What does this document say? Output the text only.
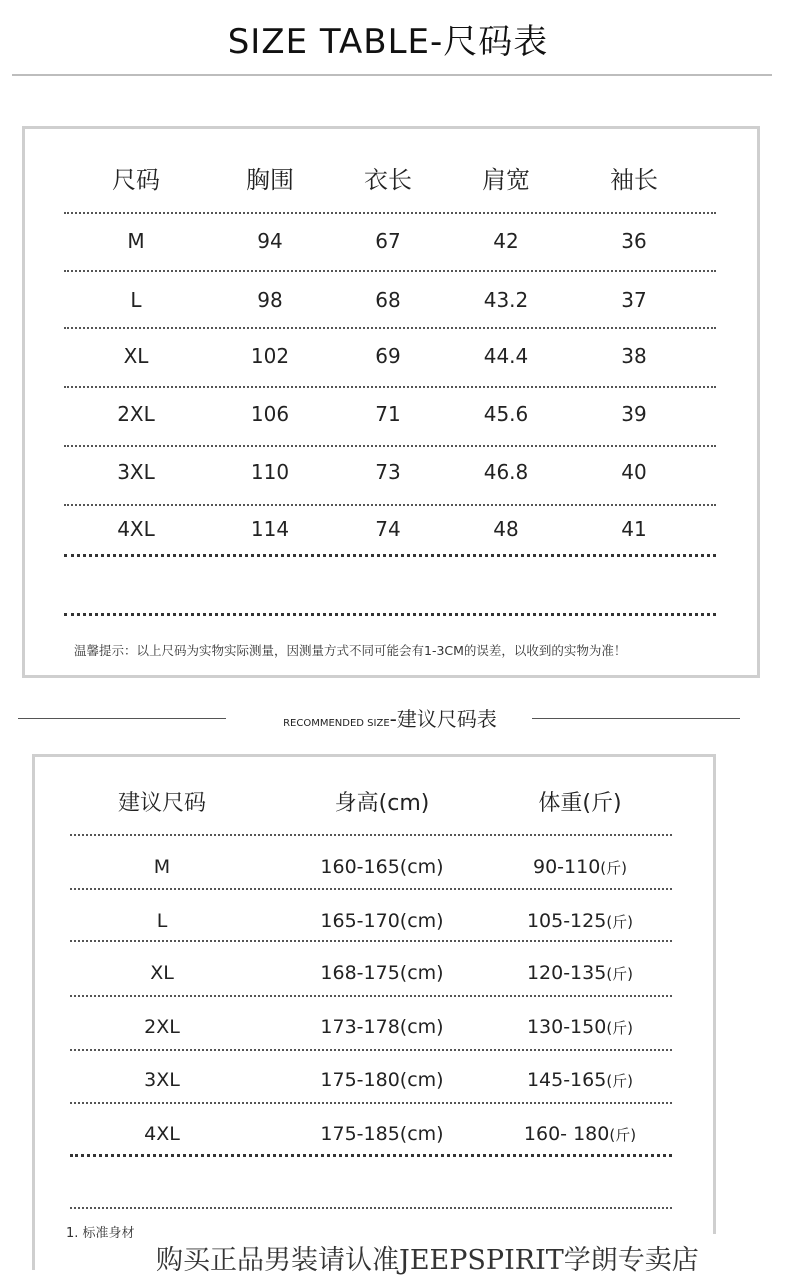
SIZE TABLE-尺码表
尺码	胸围	衣长	肩宽	袖长
M	94	67	42	36
L	98	68	43.2	37
XL	102	69	44.4	38
2XL	106	71	45.6	39
3XL	110	73	46.8	40
4XL	114	74	48	41
温馨提示：以上尺码为实物实际测量，因测量方式不同可能会有1-3CM的误差，以收到的实物为准！
RECOMMENDED SIZE-建议尺码表
建议尺码	身高(cm)	体重(斤)
M	160-165(cm)	90-110(斤)
L	165-170(cm)	105-125(斤)
XL	168-175(cm)	120-135(斤)
2XL	173-178(cm)	130-150(斤)
3XL	175-180(cm)	145-165(斤)
4XL	175-185(cm)	160- 180(斤)
1. 标准身材
购买正品男装请认准JEEPSPIRIT学朗专卖店
